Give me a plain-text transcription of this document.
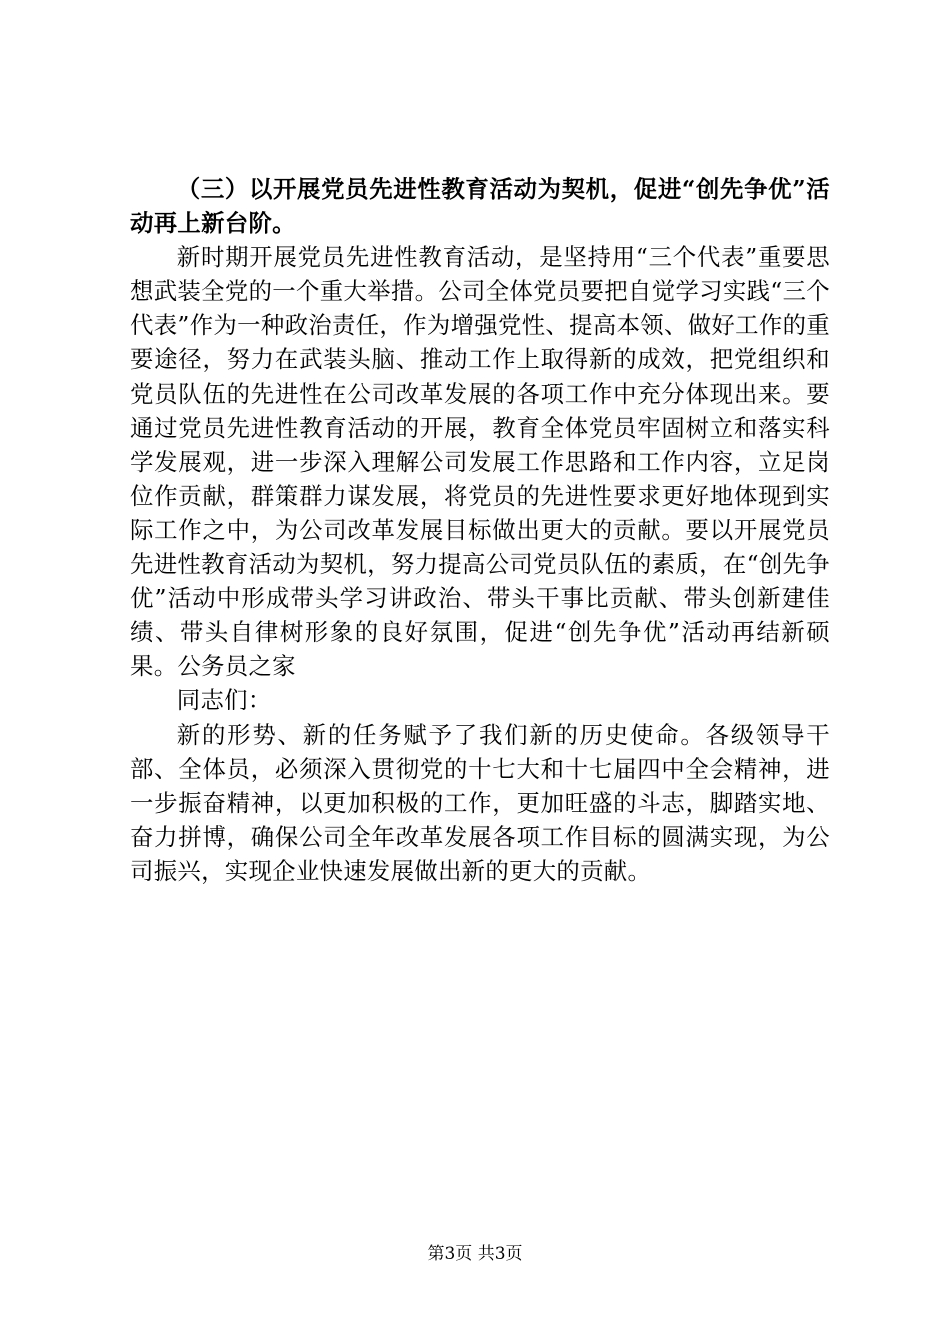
（三）以开展党员先进性教育活动为契机，促进“创先争优”活动再上新台阶。

新时期开展党员先进性教育活动，是坚持用“三个代表”重要思想武装全党的一个重大举措。公司全体党员要把自觉学习实践“三个代表”作为一种政治责任，作为增强党性、提高本领、做好工作的重要途径，努力在武装头脑、推动工作上取得新的成效，把党组织和党员队伍的先进性在公司改革发展的各项工作中充分体现出来。要通过党员先进性教育活动的开展，教育全体党员牢固树立和落实科学发展观，进一步深入理解公司发展工作思路和工作内容，立足岗位作贡献，群策群力谋发展，将党员的先进性要求更好地体现到实际工作之中，为公司改革发展目标做出更大的贡献。要以开展党员先进性教育活动为契机，努力提高公司党员队伍的素质，在“创先争优”活动中形成带头学习讲政治、带头干事比贡献、带头创新建佳绩、带头自律树形象的良好氛围，促进“创先争优”活动再结新硕果。公务员之家

同志们：

新的形势、新的任务赋予了我们新的历史使命。各级领导干部、全体员，必须深入贯彻党的十七大和十七届四中全会精神，进一步振奋精神，以更加积极的工作，更加旺盛的斗志，脚踏实地、奋力拼博，确保公司全年改革发展各项工作目标的圆满实现，为公司振兴，实现企业快速发展做出新的更大的贡献。

第3页 共3页
